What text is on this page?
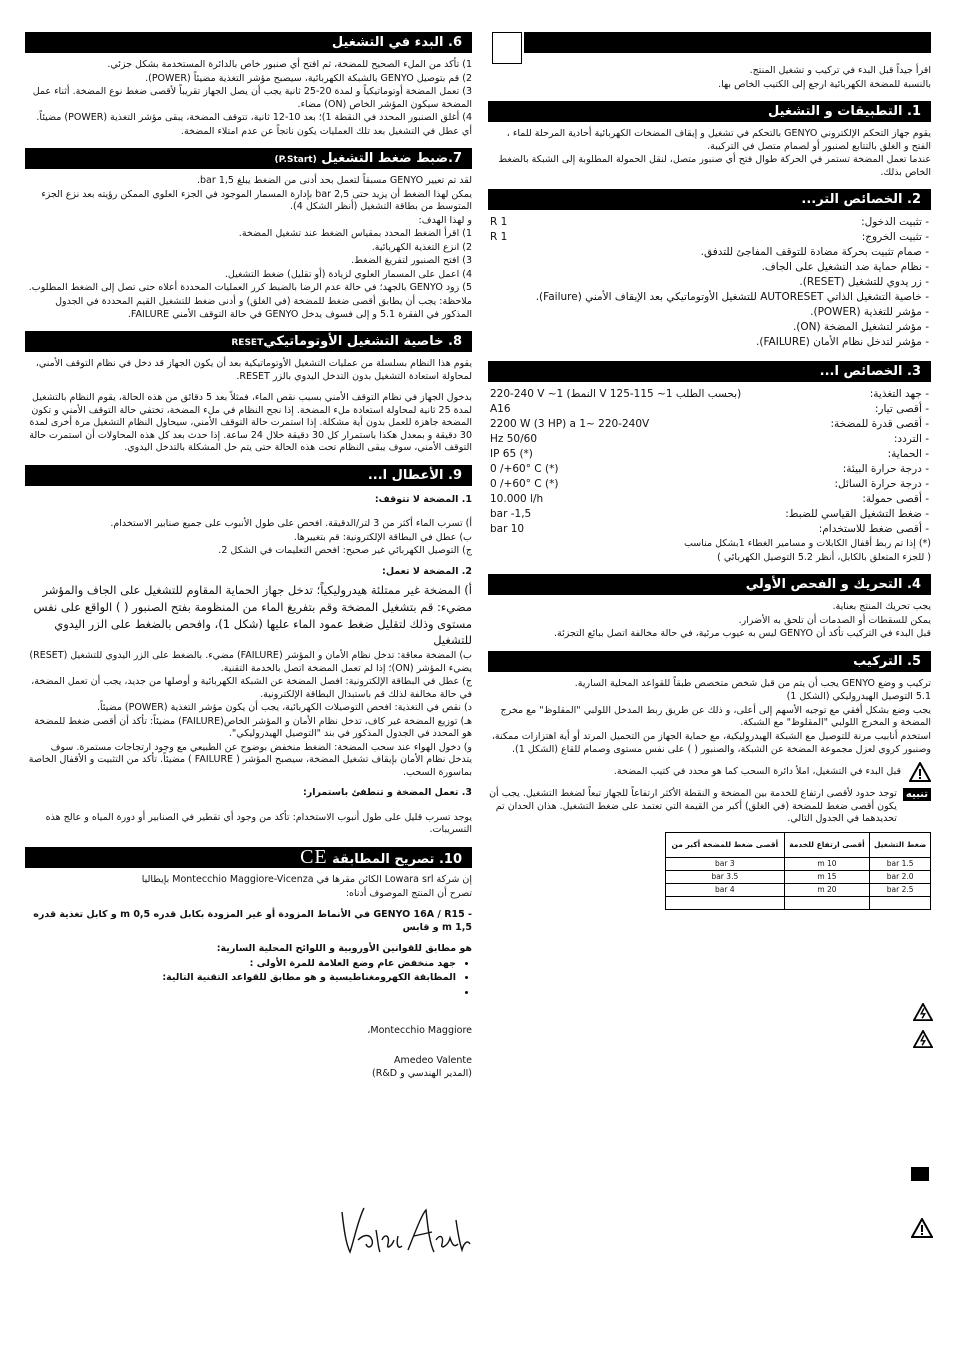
اقرأ جيداً قبل البدء في تركيب و تشغيل المنتج.

بالنسبة للمضخة الكهربائية ارجع إلى الكتيب الخاص بها.

1. التطبيقات و التشغيل

يقوم جهاز التحكم الإلكتروني GENYO بالتحكم في تشغيل و إيقاف المضخات الكهربائية أحادية المرحلة للماء ، الفتح و الغلق بالتتابع لصنبور أو لصمام متصل في التركيبة.

عندما تعمل المضخة تستمر في الحركة طوال فتح أي صنبور متصل، لنقل الحمولة المطلوبة إلى الشبكة بالضغط الخاص بذلك.

2. الخصائص التر...
- تثبيت الدخول:	R 1
- تثبيت الخروج:	R 1
- صمام تثبيت بحركة مضادة للتوقف المفاجئ للتدفق.	
- نظام حماية ضد التشغيل على الجاف.	
- زر يدوي للتشغيل (RESET).	
- خاصية التشغيل الذاتي AUTORESET للتشغيل الأوتوماتيكي بعد الإيقاف الأمني (Failure).	
- مؤشر للتغذية (POWER).	
- مؤشر لتشغيل المضخة (ON).	
- مؤشر لتدخل نظام الأمان (FAILURE).	
3. الخصائص ا...
- جهد التغذية:	220-240 V ~1 (النمط V 125-115 ~1 بحسب الطلب)
- أقصى تيار:	A16
- أقصى قدرة للمضخة:	2200 W (3 HP) a 1~ 220-240V
- التردد:	Hz 50/60
- الحماية:	IP 65 (*)
- درجة حرارة البيئة:	0 /+60° C (*)
- درجة حرارة السائل:	0 /+60° C (*)
- أقصى حمولة:	10.000 l/h
- ضغط التشغيل القياسي للضبط:	bar -1,5
- أقصى ضغط للاستخدام:	bar 10

(*) إذا تم ربط أقفال الكابلات و مسامير الغطاء 1بشكل مناسب

( للجزء المتعلق بالكابل، أنظر 5.2 التوصيل الكهربائي )

4. التحريك و الفحص الأولي

يجب تحريك المنتج بعناية.

يمكن للسقطات أو الصدمات أن تلحق به الأضرار.

قبل البدء في التركيب تأكد أن GENYO ليس به عيوب مرئية، في حالة مخالفة اتصل ببائع التجزئة.

5. التركيب

تركيب و وضع GENYO يجب أن يتم من قبل شخص متخصص طبقاً للقواعد المحلية السارية.

5.1 التوصيل الهيدروليكي (الشكل 1)

يجب وضع بشكل أفقي مع توجيه الأسهم إلى أعلى، و ذلك عن طريق ربط المدخل اللولبي "المقلوظ" مع مخرج المضخة و المخرج اللولبي "المقلوظ" مع الشبكة.

استخدم أنابيب مرنة للتوصيل مع الشبكة الهيدروليكية، مع حماية الجهاز من التحميل المرتد أو أية اهتزازات ممكنة، وصنبور كروي لعزل مجموعة المضخة عن الشبكة، والصنبور ( ) على نفس مستوى وصمام للقاع (الشكل 1).

قبل البدء في التشغيل، املأ دائرة السحب كما هو محدد في كتيب المضخة.
تنبيه
توجد حدود لأقصى ارتفاع للخدمة بين المضخة و النقطة الأكثر ارتفاعاً للجهاز تبعاً لضغط التشغيل. يجب أن يكون أقصى ضغط للمضخة (في الغلق) أكبر من القيمة التي تعتمد على ضغط التشغيل. هذان الحدان تم تحديدهما في الجدول التالي.
ضغط التشغيل	أقصى ارتفاع للخدمة	أقصى ضغط للمضخة أكبر من
1.5 bar	10 m	3 bar
2.0 bar	15 m	3.5 bar
2.5 bar	20 m	4 bar

6. البدء في التشغيل

1) تأكد من الملء الصحيح للمضخة، ثم افتح أي صنبور خاص بالدائرة المستخدمة بشكل جزئي.

2) قم بتوصيل GENYO بالشبكة الكهربائية، سيصبح مؤشر التغذية مضيئاً (POWER).

3) تعمل المضخة أوتوماتيكياً و لمدة 20-25 ثانية يجب أن يصل الجهاز تقريباً لأقصى ضغط نوع المضخة. أثناء عمل المضخة سيكون المؤشر الخاص (ON) مضاء.

4) أغلق الصنبور المحدد في النقطة 1)؛ بعد 10-12 ثانية، تتوقف المضخة، يبقى مؤشر التغذية (POWER) مضيئاً.

أي عطل في التشغيل بعد تلك العمليات يكون ناتجاً عن عدم امتلاء المضخة.

7.ضبط ضغط التشغيل (P.Start)

لقد تم تعيير GENYO مسبقاً لتعمل بحد أدنى من الضغط يبلغ 1,5 bar.

يمكن لهذا الضغط أن يزيد حتى 2,5 bar بإدارة المسمار الموجود في الجزء العلوي الممكن رؤيته بعد نزع الجزء المتوسط من بطاقة التشغيل (أنظر الشكل 4).

و لهذا الهدف:

1) اقرأ الضغط المحدد بمقياس الضغط عند تشغيل المضخة.

2) انزع التغذية الكهربائية.

3) افتح الصنبور لتفريغ الضغط.

4) اعمل على المسمار العلوي لزيادة (أو تقليل) ضغط التشغيل.

5) زود GENYO بالجهد؛ في حالة عدم الرضا بالضبط كرر العمليات المحددة أعلاه حتى تصل إلى الضغط المطلوب.

ملاحظة: يجب أن يطابق أقصى ضغط للمضخة (في الغلق) و أدنى ضغط للتشغيل القيم المحددة في الجدول المذكور في الفقرة 5.1 و إلى فسوف يدخل GENYO في حالة التوقف الأمني FAILURE.

8. خاصية التشغيل الأوتوماتيكيRESET

يقوم هذا النظام بسلسلة من عمليات التشغيل الأوتوماتيكية بعد أن يكون الجهاز قد دخل في نظام التوقف الأمني، لمحاولة استعادة التشغيل بدون التدخل اليدوي بالزر RESET.

بدخول الجهاز في نظام التوقف الأمني بسبب نقص الماء، فمثلاً بعد 5 دقائق من هذه الحالة، يقوم النظام بالتشغيل لمدة 25 ثانية لمحاولة استعادة ملء المضخة. إذا نجح النظام في ملء المضخة، تختفي حالة التوقف الأمني و تكون المضخة جاهزة للعمل بدون أية مشكلة. إذا استمرت حالة التوقف الأمني، سيحاول النظام التشغيل مرة أخرى لمدة 30 دقيقة و بمعدل هكذا باستمرار كل 30 دقيقة خلال 24 ساعة. إذا حدث بعد كل هذه المحاولات أن استمرت حالة التوقف الأمني، سوف يبقى النظام تحت هذه الحالة حتى يتم حل المشكلة بالتدخل اليدوي.

9. الأعطال ا...

1. المضخة لا تتوقف:

أ) تسرب الماء أكثر من 3 لتر/الدقيقة. افحص على طول الأنبوب على جميع صنابير الاستخدام.

ب) عطل في البطاقة الإلكترونية: قم بتغييرها.

ج) التوصيل الكهربائي غير صحيح: افحص التعليمات في الشكل 2.

2. المضخة لا تعمل:

أ) المضخة غير ممتلئة هيدروليكياً؛ تدخل جهاز الحماية المقاوم للتشغيل على الجاف والمؤشر مضيء: قم بتشغيل المضخة وقم بتفريغ الماء من المنظومة بفتح الصنبور ( ) الواقع على نفس مستوى وذلك لتقليل ضغط عمود الماء عليها (شكل 1)، وافحص بالضغط على الزر اليدوي للتشغيل

ب) المضخة معاقة: تدخل نظام الأمان و المؤشر (FAILURE) مضيء. بالضغط على الزر اليدوي للتشغيل (RESET) يضيء المؤشر (ON)؛ إذا لم تعمل المضخة اتصل بالخدمة التقنية.

ج) عطل في البطاقة الإلكترونية: افصل المضخة عن الشبكة الكهربائية و أوصلها من جديد، يجب أن تعمل المضخة، في حالة مخالفة لذلك قم باستبدال البطاقة الإلكترونية.

د) نقص في التغذية: افحص التوصيلات الكهربائية، يجب أن يكون مؤشر التغذية (POWER) مضيئاً.

هـ) توزيع المضخة غير كاف، تدخل نظام الأمان و المؤشر الخاص(FAILURE) مضيئاً: تأكد أن أقصى ضغط للمضخة هو المحدد في الجدول المذكور في بند "التوصيل الهيدروليكي".

و) دخول الهواء عند سحب المضخة: الضغط منخفض بوضوح عن الطبيعي مع وجود ارتجاجات مستمرة. سوف يتدخل نظام الأمان بإيقاف تشغيل المضخة، سيصبح المؤشر ( FAILURE ) مضيئاً. تأكد من التثبيت و الأقفال الخاصة بماسورة السحب.

3. تعمل المضخة و تنطفئ باستمرار:

يوجد تسرب قليل على طول أنبوب الاستخدام: تأكد من وجود أي تقطير في الصنابير أو دورة المياه و عالج هذه التسريبات.

10. تصريح المطابقة CE

إن شركة Lowara srl الكائن مقرها في Montecchio Maggiore-Vicenza بإيطاليا

تصرح أن المنتج الموصوف أدناه:

- GENYO 16A / R15 في الأنماط المزودة أو غير المزودة بكابل قدره 0,5 m و كابل تغذية قدره 1,5 m و قابس

هو مطابق للقوانين الأوروبية و اللوائح المحلية السارية:

• جهد منخفض عام وضع العلامة للمرة الأولى :
• المطابقة الكهرومغناطيسية و هو مطابق للقواعد التقنية التالية:
•

Montecchio Maggiore،

Amedeo Valente

(المدير الهندسي و R&D)
